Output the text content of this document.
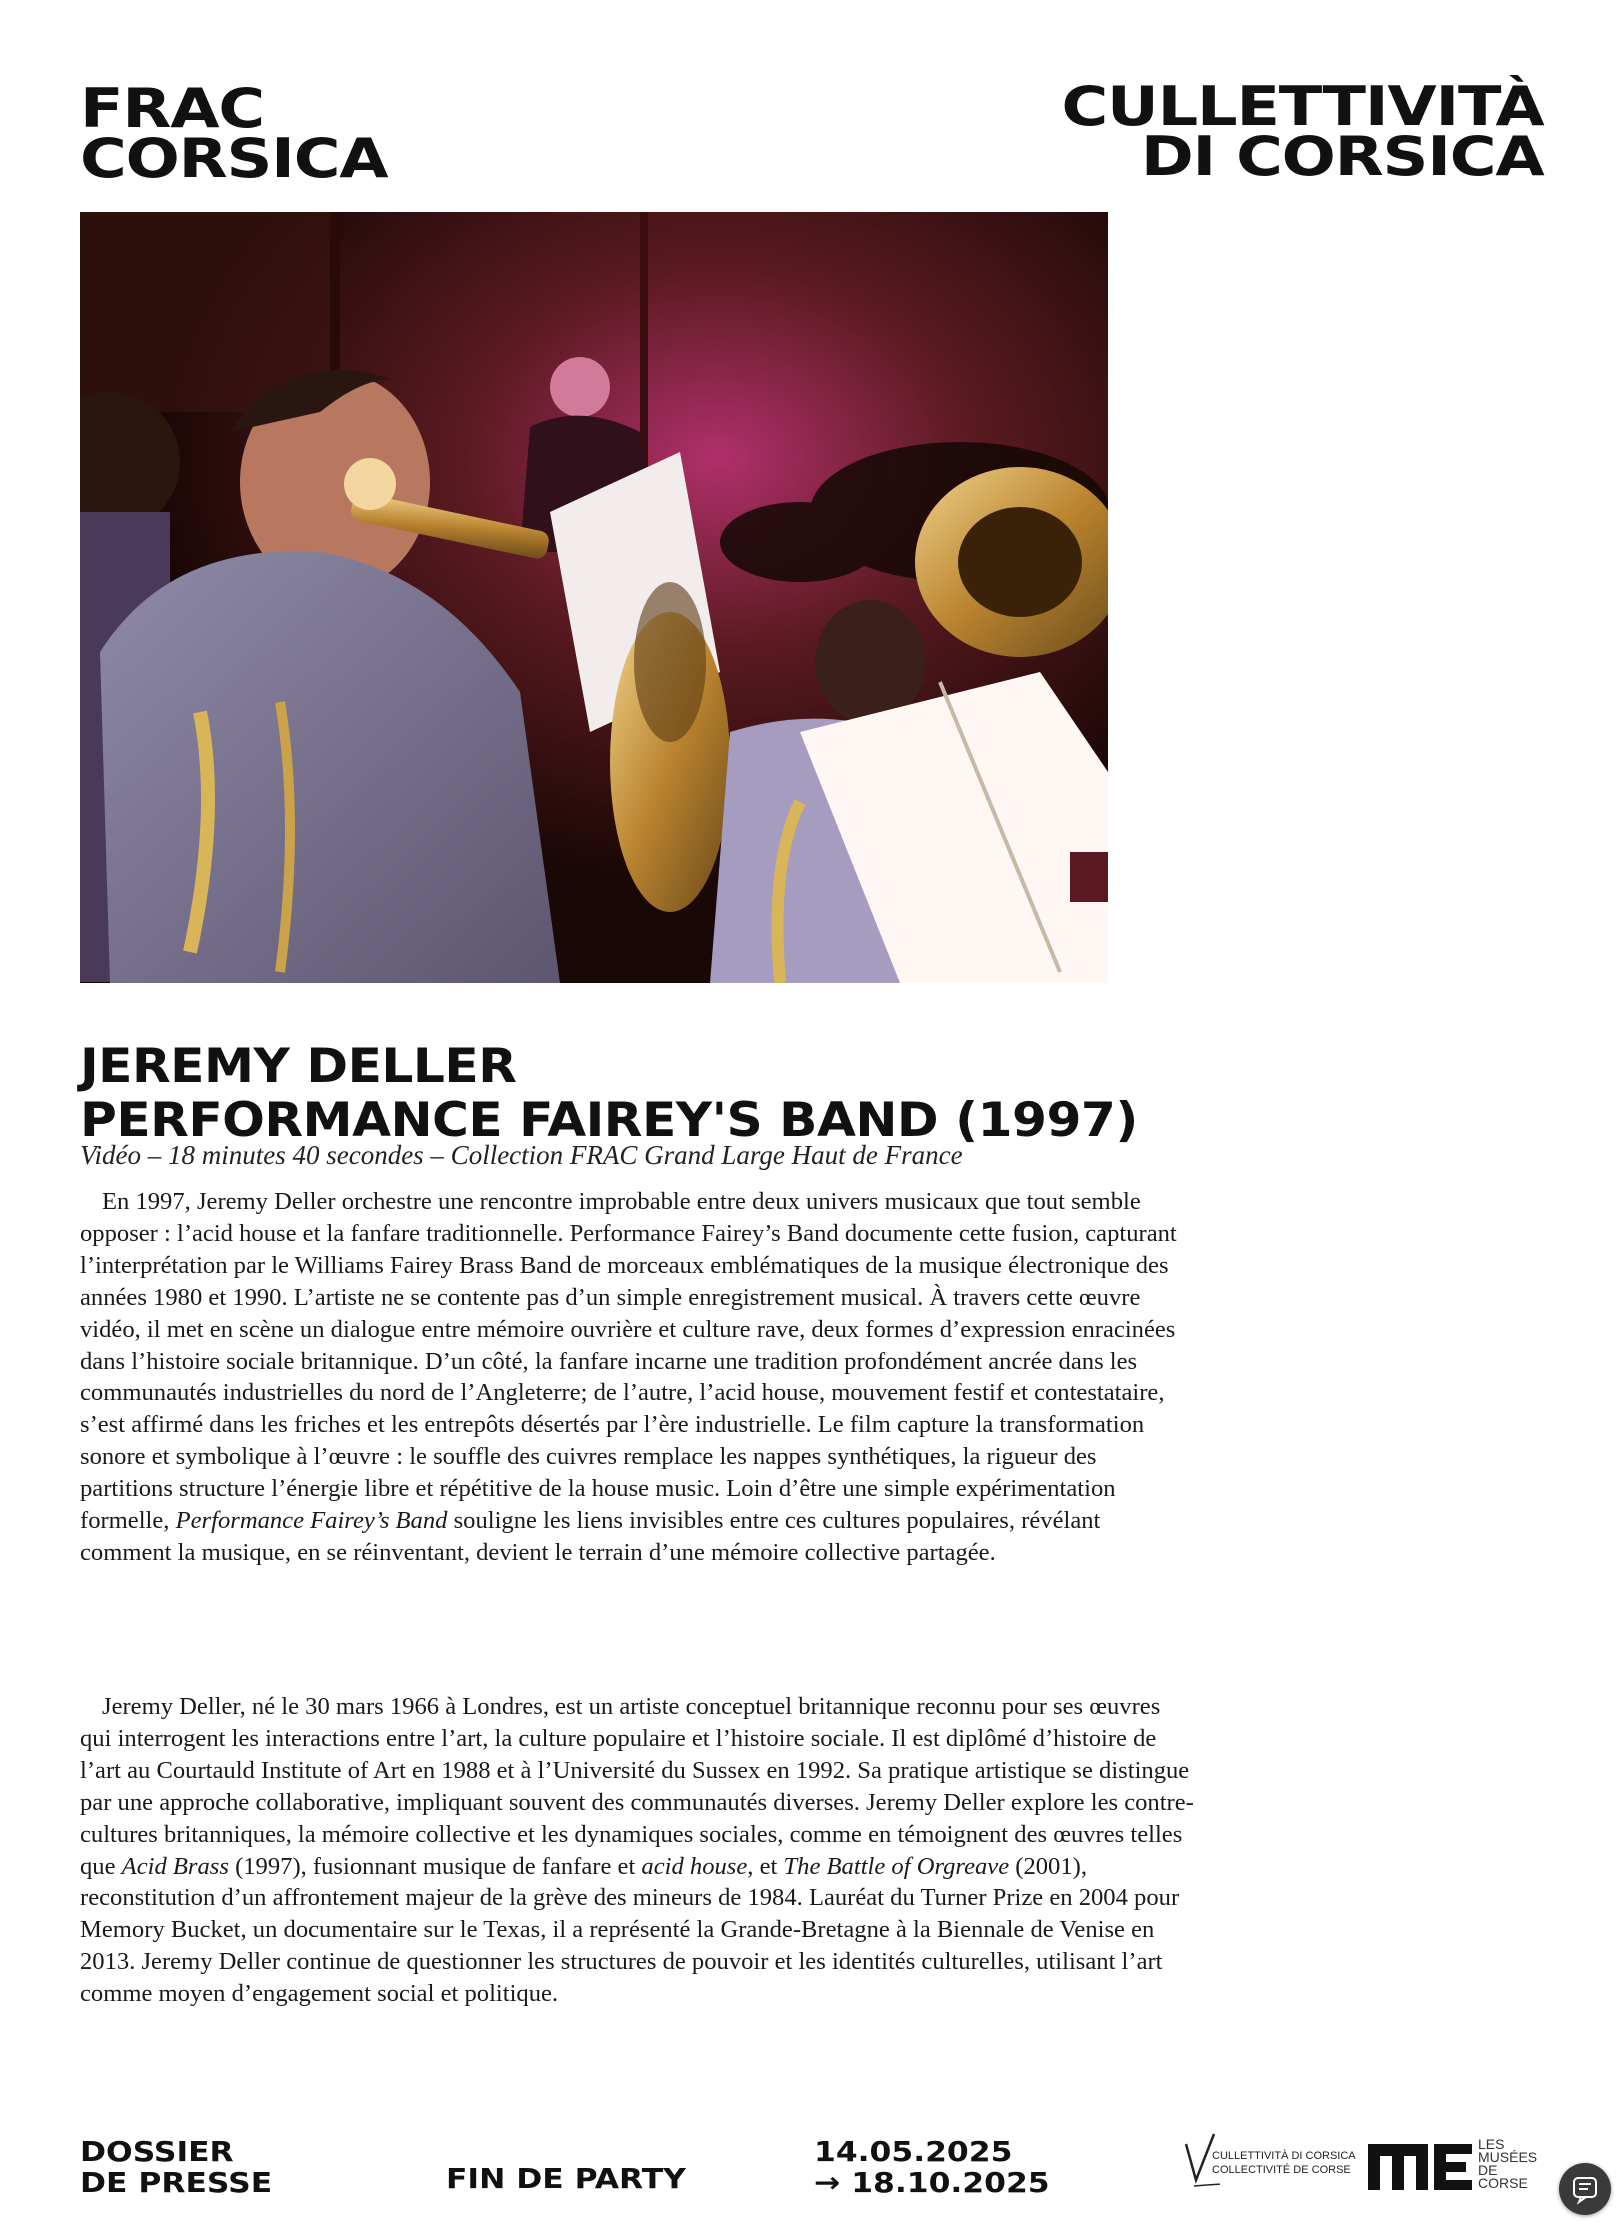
FRAC
CORSICA
CULLETTIVITÀ
DI CORSICA
JEREMY DELLER
PERFORMANCE FAIREY'S BAND (1997)
Vidéo – 18 minutes 40 secondes – Collection FRAC Grand Large Haut de France

En 1997, Jeremy Deller orchestre une rencontre improbable entre deux univers musicaux que tout semble opposer : l’acid house et la fanfare traditionnelle. Performance Fairey’s Band documente cette fusion, capturant l’interprétation par le Williams Fairey Brass Band de morceaux emblématiques de la musique électronique des années 1980 et 1990. L’artiste ne se contente pas d’un simple enregistrement musical. À travers cette œuvre vidéo, il met en scène un dialogue entre mémoire ouvrière et culture rave, deux formes d’expression enracinées dans l’histoire sociale britannique. D’un côté, la fanfare incarne une tradition profondément ancrée dans les communautés industrielles du nord de l’Angleterre; de l’autre, l’acid house, mouvement festif et contestataire, s’est affirmé dans les friches et les entrepôts désertés par l’ère industrielle. Le film capture la transformation sonore et symbolique à l’œuvre : le souffle des cuivres remplace les nappes synthétiques, la rigueur des partitions structure l’énergie libre et répétitive de la house music. Loin d’être une simple expérimentation formelle, Performance Fairey’s Band souligne les liens invisibles entre ces cultures populaires, révélant comment la musique, en se réinventant, devient le terrain d’une mémoire collective partagée.

Jeremy Deller, né le 30 mars 1966 à Londres, est un artiste conceptuel britannique reconnu pour ses œuvres qui interrogent les interactions entre l’art, la culture populaire et l’histoire sociale. Il est diplômé d’histoire de l’art au Courtauld Institute of Art en 1988 et à l’Université du Sussex en 1992. Sa pratique artistique se distingue par une approche collaborative, impliquant souvent des communautés diverses. Jeremy Deller explore les contre-cultures britanniques, la mémoire collective et les dynamiques sociales, comme en témoignent des œuvres telles que Acid Brass (1997), fusionnant musique de fanfare et acid house, et The Battle of Orgreave (2001), reconstitution d’un affrontement majeur de la grève des mineurs de 1984. Lauréat du Turner Prize en 2004 pour Memory Bucket, un documentaire sur le Texas, il a représenté la Grande-Bretagne à la Biennale de Venise en 2013. Jeremy Deller continue de questionner les structures de pouvoir et les identités culturelles, utilisant l’art comme moyen d’engagement social et politique.

DOSSIER
DE PRESSE	FIN DE PARTY
14.05.2025
→ 18.10.2025
CULLETTIVITÀ DI CORSICA
COLLECTIVITÉ DE CORSE
LES
MUSÉES
DE
CORSE
